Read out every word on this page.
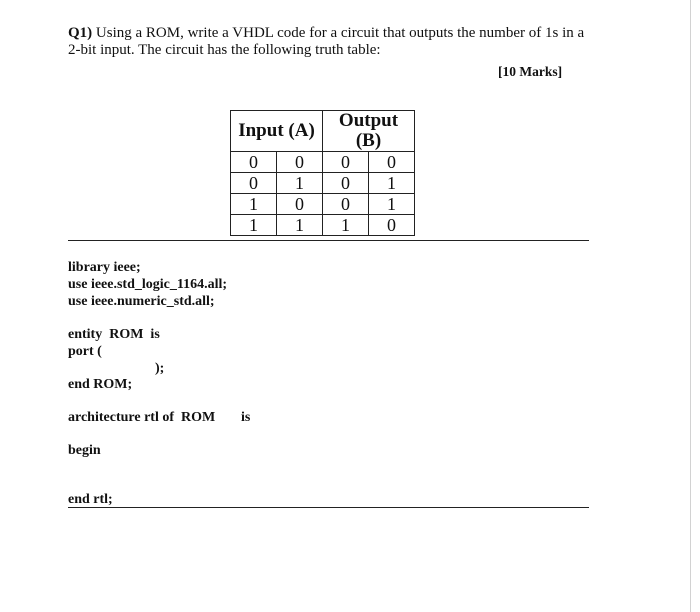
Q1) Using a ROM, write a VHDL code for a circuit that outputs the number of 1s in a 2-bit input. The circuit has the following truth table:
[10 Marks]
Input (A)		Output (B)	
0	0	0	0
0	1	0	1
1	0	0	1
1	1	1	0
library ieee;
use ieee.std_logic_1164.all;
use ieee.numeric_std.all;
entity  ROM  is
port (
);
end ROM;
architecture rtl of  ROM is
begin
end rtl;
